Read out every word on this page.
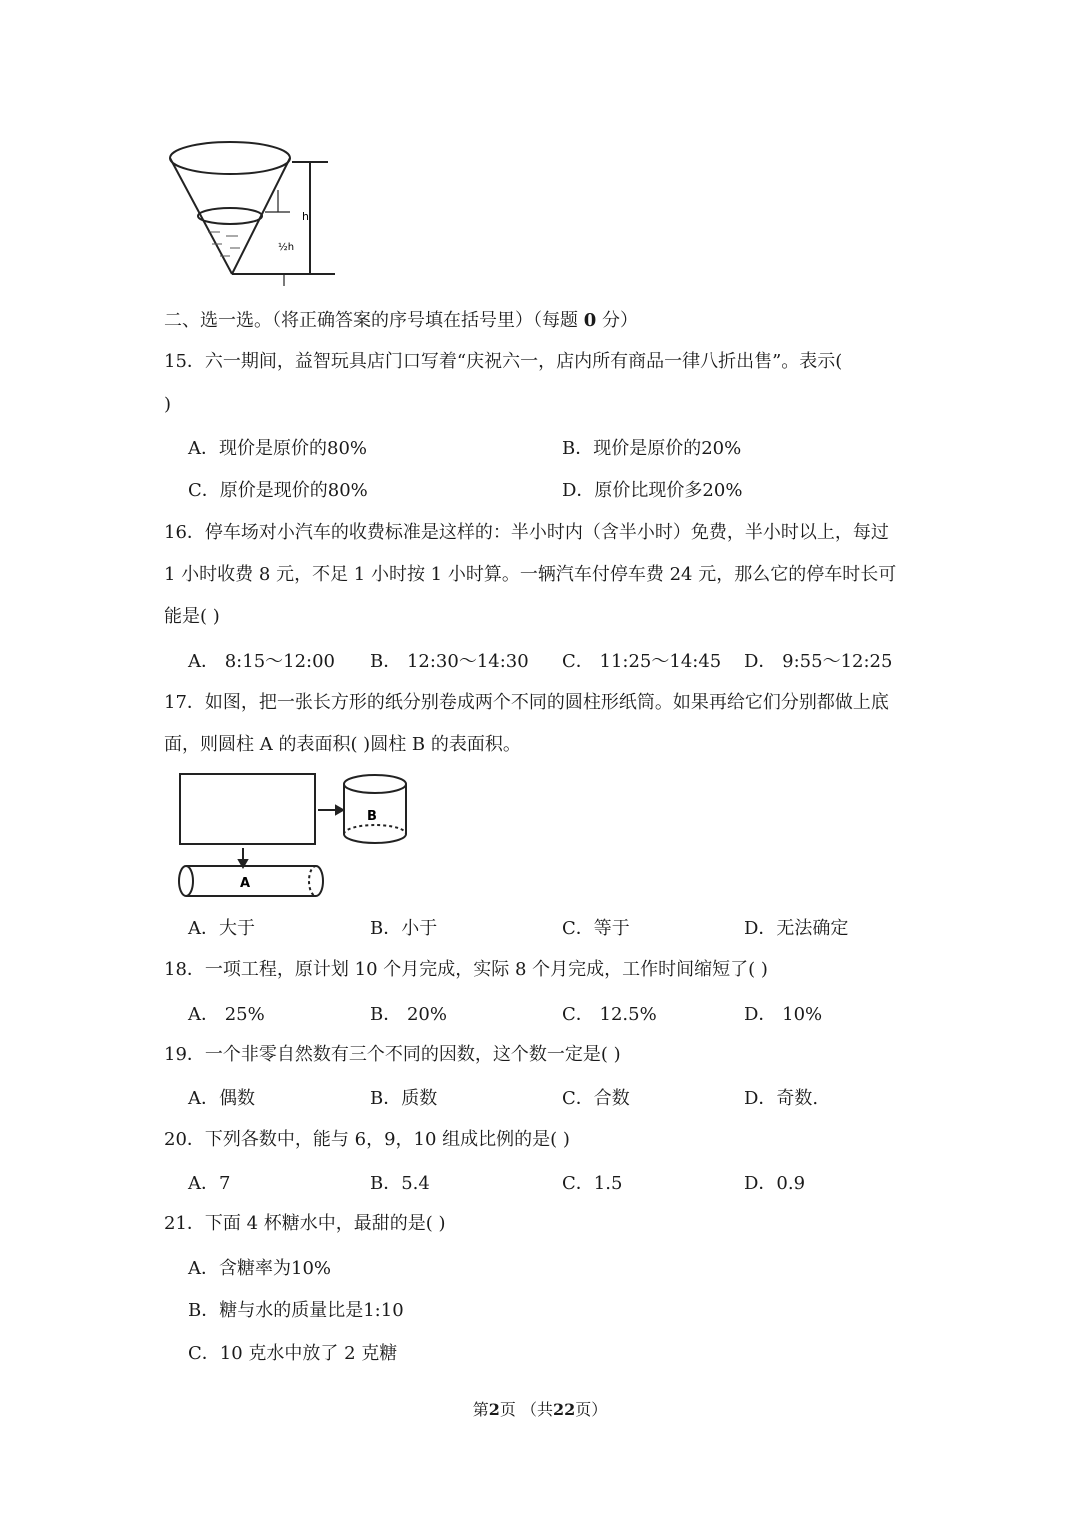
h
½h
二、选一选。（将正确答案的序号填在括号里）（每题 0 分）
15．六一期间，益智玩具店门口写着“庆祝六一，店内所有商品一律八折出售”。表示(
)
A．现价是原价的80%	B．现价是原价的20%
C．原价是现价的80%	D．原价比现价多20%
16．停车场对小汽车的收费标准是这样的：半小时内（含半小时）免费，半小时以上，每过
1 小时收费 8 元，不足 1 小时按 1 小时算。一辆汽车付停车费 24 元，那么它的停车时长可
能是( )
A． 8:15～12:00 B． 12:30～14:30 C． 11:25～14:45 D． 9:55～12:25
17．如图，把一张长方形的纸分别卷成两个不同的圆柱形纸筒。如果再给它们分别都做上底
面，则圆柱 A 的表面积( )圆柱 B 的表面积。
B
A
A．大于	B．小于	C．等于	D．无法确定
18．一项工程，原计划 10 个月完成，实际 8 个月完成，工作时间缩短了( )
A． 25%	B． 20%	C． 12.5%	D． 10%
19．一个非零自然数有三个不同的因数，这个数一定是( )
A．偶数	B．质数	C．合数	D．奇数.
20．下列各数中，能与 6，9，10 组成比例的是( )
A．7	B．5.4	C．1.5	D．0.9
21．下面 4 杯糖水中，最甜的是( )
A．含糖率为10%
B．糖与水的质量比是1:10
C．10 克水中放了 2 克糖
第2页 （共22页）
